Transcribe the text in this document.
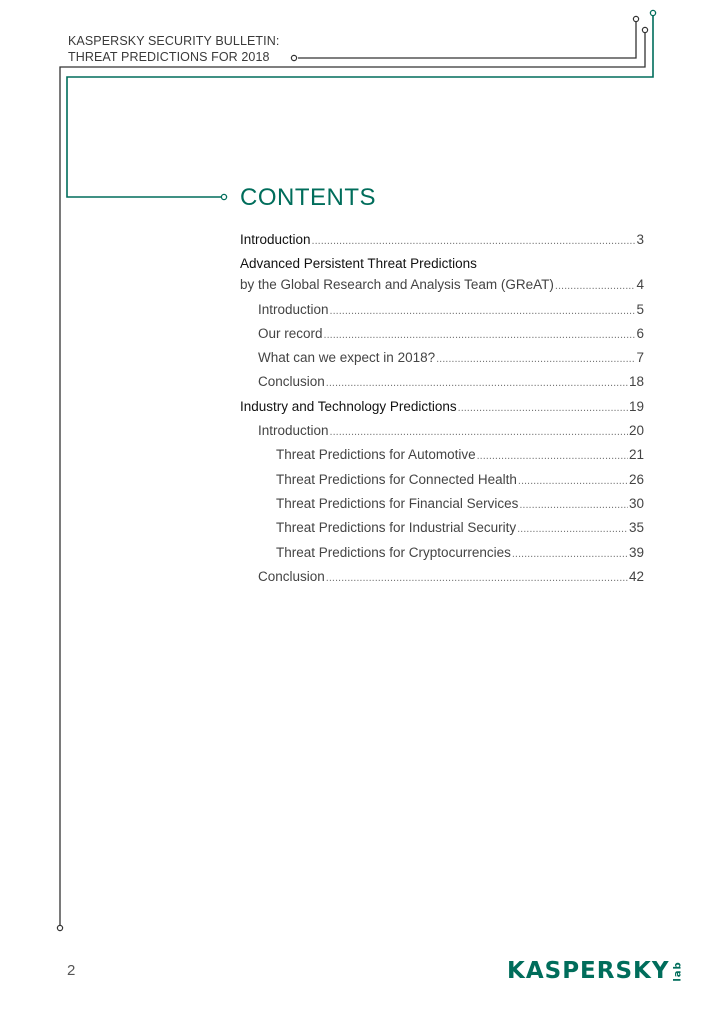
KASPERSKY SECURITY BULLETIN:
THREAT PREDICTIONS FOR 2018
CONTENTS
Introduction .....	3
Advanced Persistent Threat Predictions
by the Global Research and Analysis Team (GReAT) .....	4
Introduction .....	5
Our record .....	6
What can we expect in 2018? .....	7
Conclusion .....	18
Industry and Technology Predictions .....	19
Introduction .....	20
Threat Predictions for Automotive .....	21
Threat Predictions for Connected Health .....	26
Threat Predictions for Financial Services .....	30
Threat Predictions for Industrial Security .....	35
Threat Predictions for Cryptocurrencies .....	39
Conclusion .....	42
2	KASPERSKY lab
